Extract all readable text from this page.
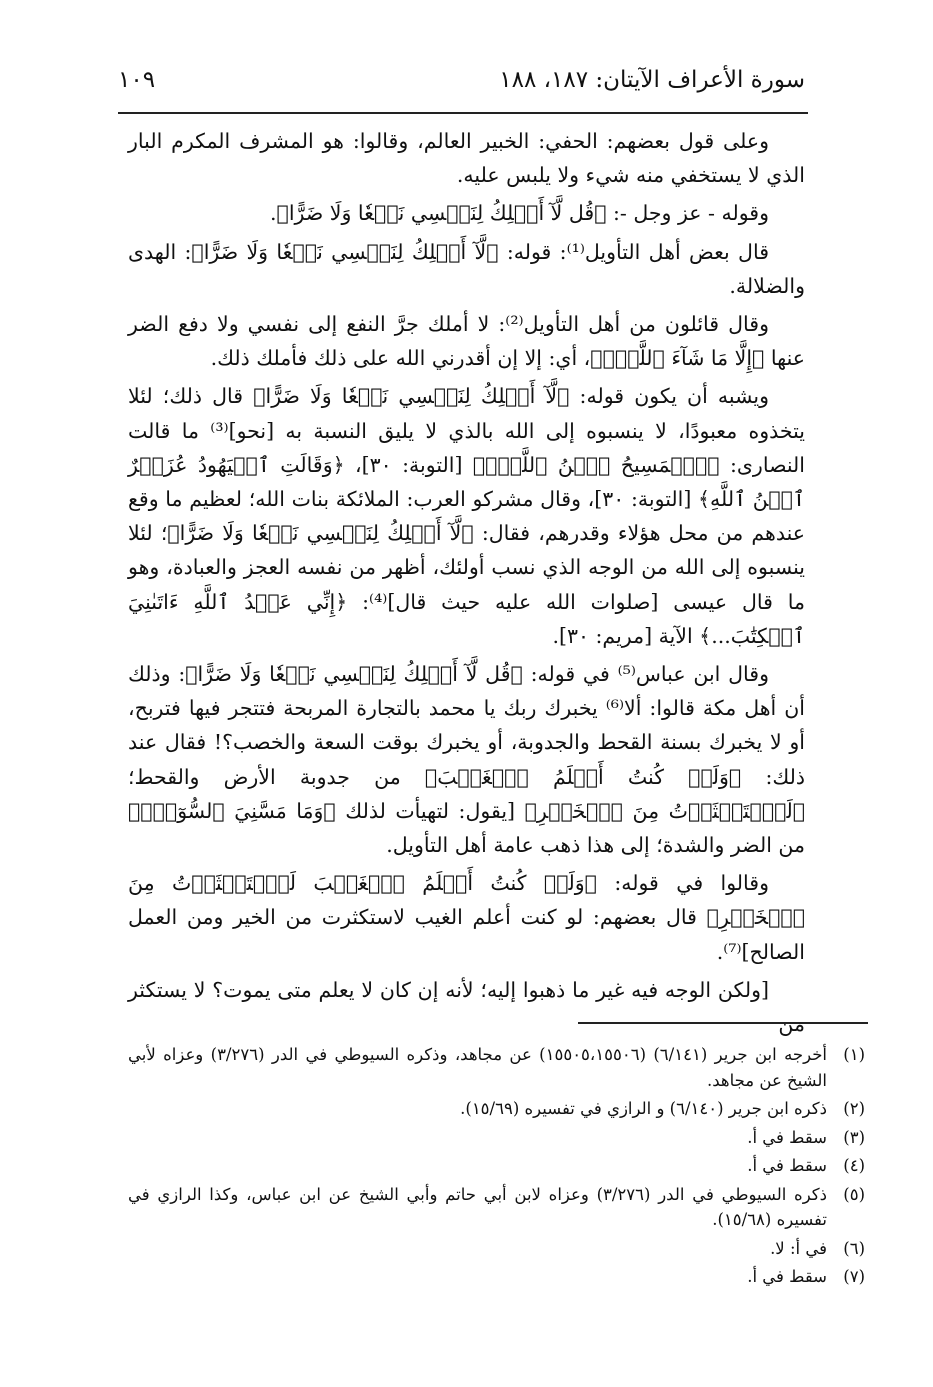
سورة الأعراف الآيتان: ١٨٧، ١٨٨
١٠٩

وعلى قول بعضهم: الحفي: الخبير العالم، وقالوا: هو المشرف المكرم البار الذي لا يستخفي منه شيء ولا يلبس عليه.

وقوله - عز وجل -: ﴿قُل لَّآ أَمۡلِكُ لِنَفۡسِي نَفۡعٗا وَلَا ضَرًّا﴾.

قال بعض أهل التأويل⁽¹⁾: قوله: ﴿لَّآ أَمۡلِكُ لِنَفۡسِي نَفۡعٗا وَلَا ضَرًّا﴾: الهدى والضلالة.

وقال قائلون من أهل التأويل⁽²⁾: لا أملك جرَّ النفع إلى نفسي ولا دفع الضر عنها ﴿إِلَّا مَا شَآءَ ٱللَّهُۚ﴾، أي: إلا إن أقدرني الله على ذلك فأملك ذلك.

ويشبه أن يكون قوله: ﴿لَّآ أَمۡلِكُ لِنَفۡسِي نَفۡعٗا وَلَا ضَرًّا﴾ قال ذلك؛ لئلا يتخذوه معبودًا، لا ينسبوه إلى الله بالذي لا يليق النسبة به [نحو]⁽³⁾ ما قالت النصارى: ﴿ٱلۡمَسِيحُ ٱبۡنُ ٱللَّهِۖ﴾ [التوبة: ٣٠]، ﴿وَقَالَتِ ٱلۡيَهُودُ عُزَيۡرٌ ٱبۡنُ ٱللَّهِ﴾ [التوبة: ٣٠]، وقال مشركو العرب: الملائكة بنات الله؛ لعظيم ما وقع عندهم من محل هؤلاء وقدرهم، فقال: ﴿لَّآ أَمۡلِكُ لِنَفۡسِي نَفۡعٗا وَلَا ضَرًّا﴾؛ لئلا ينسبوه إلى الله من الوجه الذي نسب أولئك، أظهر من نفسه العجز والعبادة، وهو ما قال عيسى [صلوات الله عليه حيث قال]⁽⁴⁾: ﴿إِنِّي عَبۡدُ ٱللَّهِ ءَاتَىٰنِيَ ٱلۡكِتَٰبَ...﴾ الآية [مريم: ٣٠].

وقال ابن عباس⁽⁵⁾ في قوله: ﴿قُل لَّآ أَمۡلِكُ لِنَفۡسِي نَفۡعٗا وَلَا ضَرًّا﴾: وذلك أن أهل مكة قالوا: ألا⁽⁶⁾ يخبرك ربك يا محمد بالتجارة المربحة فتتجر فيها فتربح، أو لا يخبرك بسنة القحط والجدوبة، أو يخبرك بوقت السعة والخصب؟! فقال عند ذلك: ﴿وَلَوۡ كُنتُ أَعۡلَمُ ٱلۡغَيۡبَ﴾ من جدوبة الأرض والقحط؛ ﴿لَٱسۡتَكۡثَرۡتُ مِنَ ٱلۡخَيۡرِ﴾ [يقول: لتهيأت لذلك ﴿وَمَا مَسَّنِيَ ٱلسُّوٓءُۚ﴾ من الضر والشدة؛ إلى هذا ذهب عامة أهل التأويل.

وقالوا في قوله: ﴿وَلَوۡ كُنتُ أَعۡلَمُ ٱلۡغَيۡبَ لَٱسۡتَكۡثَرۡتُ مِنَ ٱلۡخَيۡرِ﴾ قال بعضهم: لو كنت أعلم الغيب لاستكثرت من الخير ومن العمل الصالح]⁽⁷⁾.

[ولكن الوجه فيه غير ما ذهبوا إليه؛ لأنه إن كان لا يعلم متى يموت؟ لا يستكثر من

(١)
أخرجه ابن جرير (٦/١٤١) (١٥٥٠٥،١٥٥٠٦) عن مجاهد، وذكره السيوطي في الدر (٣/٢٧٦) وعزاه لأبي الشيخ عن مجاهد.
(٢)
ذكره ابن جرير (٦/١٤٠) و الرازي في تفسيره (١٥/٦٩).
(٣)
سقط في أ.
(٤)
سقط في أ.
(٥)
ذكره السيوطي في الدر (٣/٢٧٦) وعزاه لابن أبي حاتم وأبي الشيخ عن ابن عباس، وكذا الرازي في تفسيره (١٥/٦٨).
(٦)
في أ: لا.
(٧)
سقط في أ.
